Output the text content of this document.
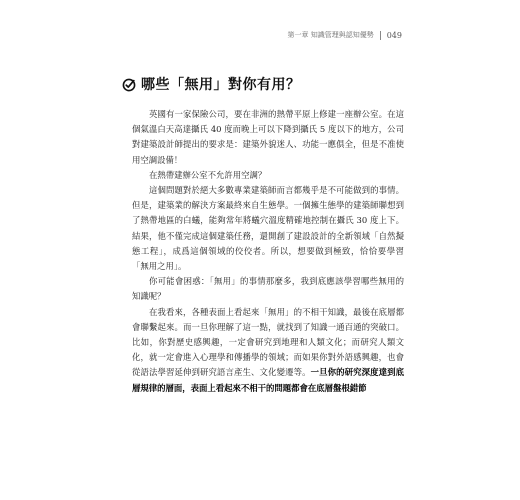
第一章 知識管理與認知優勢 049
哪些「無用」對你有用？

英國有一家保險公司，要在非洲的熱帶平原上修建一座辦公室。在這個氣溫白天高達攝氏 40 度而晚上可以下降到攝氏 5 度以下的地方，公司對建築設計師提出的要求是：建築外貌迷人、功能一應俱全，但是不准使用空調設備！

在熱帶建辦公室不允許用空調？

這個問題對於絕大多數專業建築師而言都幾乎是不可能做到的事情。但是，建築業的解決方案最終來自生態學。一個擁生態學的建築師聯想到了熱帶地區的白蟻，能夠常年將蟻穴溫度精確地控制在攝氏 30 度上下。結果，他不僅完成這個建築任務，還開創了建設設計的全新領域「自然擬態工程」，成爲這個領域的佼佼者。所以，想要做到極致，恰恰要學習「無用之用」。

你可能會困惑：「無用」的事情那麼多，我到底應該學習哪些無用的知識呢？

在我看來，各種表面上看起來「無用」的不相干知識，最後在底層都會聯繫起來。而一旦你理解了這一點，就找到了知識一通百通的突破口。比如，你對歷史感興趣，一定會研究到地理和人類文化；而研究人類文化，就一定會進入心理學和傳播學的領域；而如果你對外語感興趣，也會從語法學習延伸到研究語言產生、文化變遷等。一旦你的研究深度達到底層規律的層面，表面上看起來不相干的問題都會在底層盤根錯節
